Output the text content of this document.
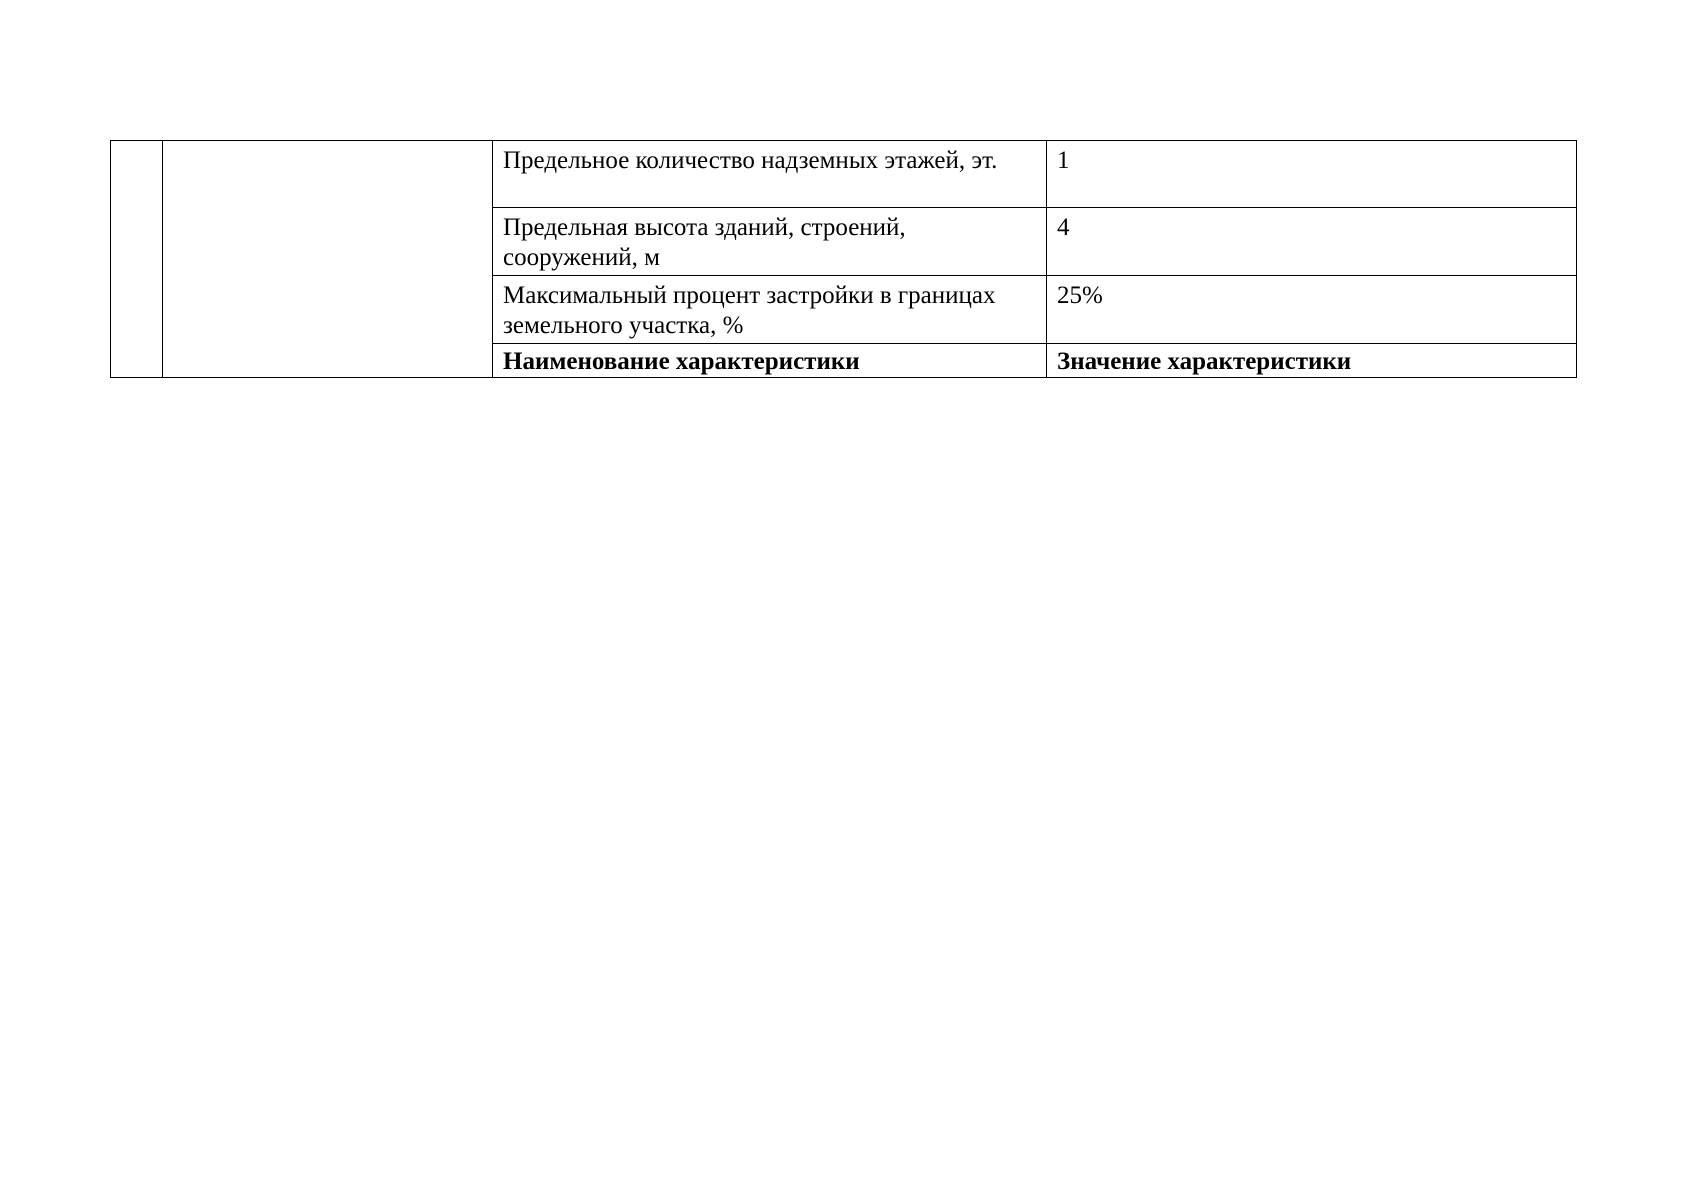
		Предельное количество надземных этажей, эт.	1
		Предельная высота зданий, строений, сооружений, м	4
		Максимальный процент застройки в границах земельного участка, %	25%
		Наименование характеристики	Значение характеристики
